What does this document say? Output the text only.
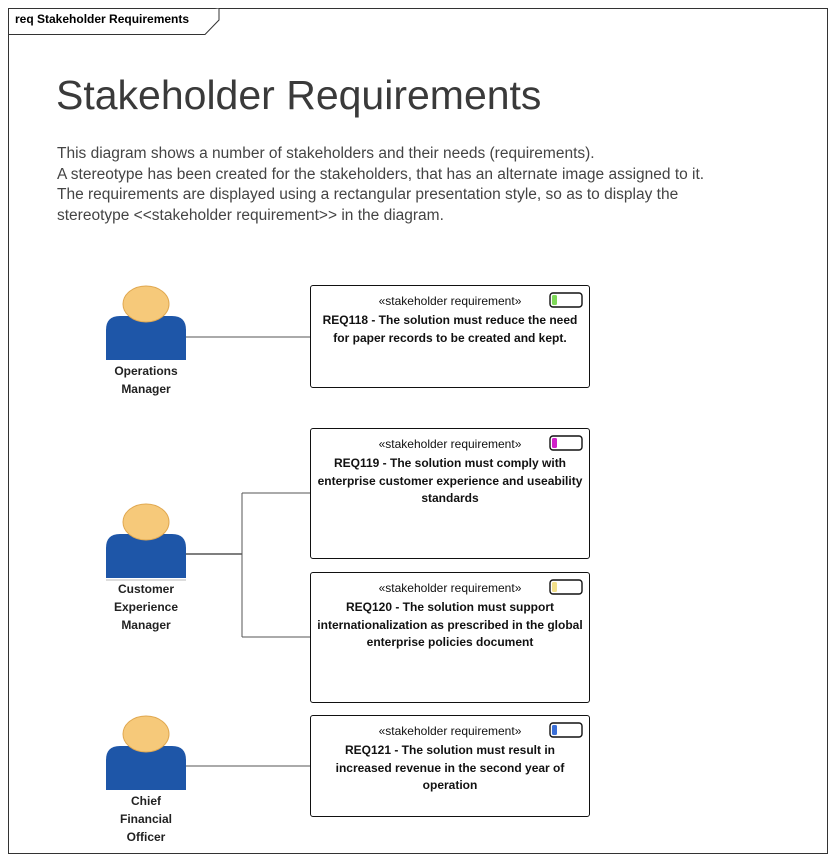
req Stakeholder Requirements
Stakeholder Requirements
This diagram shows a number of stakeholders and their needs (requirements).
A stereotype has been created for the stakeholders, that has an alternate image assigned to it.
The requirements are displayed using a rectangular presentation style, so as to display the
stereotype <<stakeholder requirement>> in the diagram.
Operations
Manager
Customer
Experience
Manager
Chief
Financial
Officer
«stakeholder requirement»
REQ118 - The solution must reduce the need for paper records to be created and kept.
«stakeholder requirement»
REQ119 - The solution must comply with enterprise customer experience and useability standards
«stakeholder requirement»
REQ120 - The solution must support internationalization as prescribed in the global enterprise policies document
«stakeholder requirement»
REQ121 - The solution must result in increased revenue in the second year of operation
